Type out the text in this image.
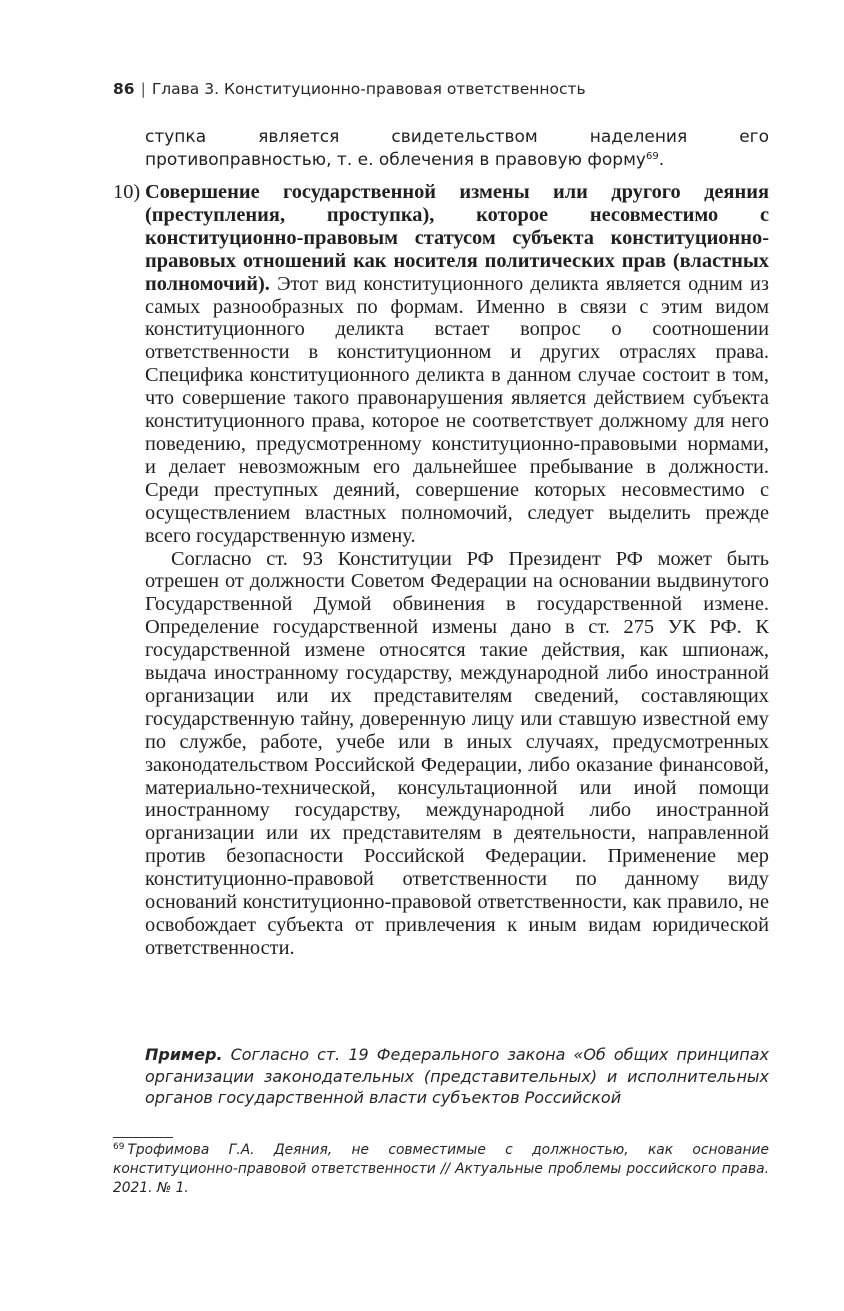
86 | Глава 3. Конституционно-правовая ответственность
ступка является свидетельством наделения его противоправностью, т. е. облечения в правовую форму$^{69}$.
10) Совершение государственной измены или другого деяния (преступления, проступка), которое несовместимо с конституционно-правовым статусом субъекта конституционно-правовых отношений как носителя политических прав (властных полномочий). Этот вид конституционного деликта является одним из самых разнообразных по формам. Именно в связи с этим видом конституционного деликта встает вопрос о соотношении ответственности в конституционном и других отраслях права. Специфика конституционного деликта в данном случае состоит в том, что совершение такого правонарушения является действием субъекта конституционного права, которое не соответствует должному для него поведению, предусмотренному конституционно-правовыми нормами, и делает невозможным его дальнейшее пребывание в должности. Среди преступных деяний, совершение которых несовместимо с осуществлением властных полномочий, следует выделить прежде всего государственную измену.

Согласно ст. 93 Конституции РФ Президент РФ может быть отрешен от должности Советом Федерации на основании выдвинутого Государственной Думой обвинения в государственной измене. Определение государственной измены дано в ст. 275 УК РФ. К государственной измене относятся такие действия, как шпионаж, выдача иностранному государству, международной либо иностранной организации или их представителям сведений, составляющих государственную тайну, доверенную лицу или ставшую известной ему по службе, работе, учебе или в иных случаях, предусмотренных законодательством Российской Федерации, либо оказание финансовой, материально-технической, консультационной или иной помощи иностранному государству, международной либо иностранной организации или их представителям в деятельности, направленной против безопасности Российской Федерации. Применение мер конституционно-правовой ответственности по данному виду оснований конституционно-правовой ответственности, как правило, не освобождает субъекта от привлечения к иным видам юридической ответственности.

Пример. Согласно ст. 19 Федерального закона «Об общих принципах организации законодательных (представительных) и исполнительных органов государственной власти субъектов Российской
$^{69}$ Трофимова Г.А. Деяния, не совместимые с должностью, как основание конституционно-правовой ответственности // Актуальные проблемы российского права. 2021. № 1.
